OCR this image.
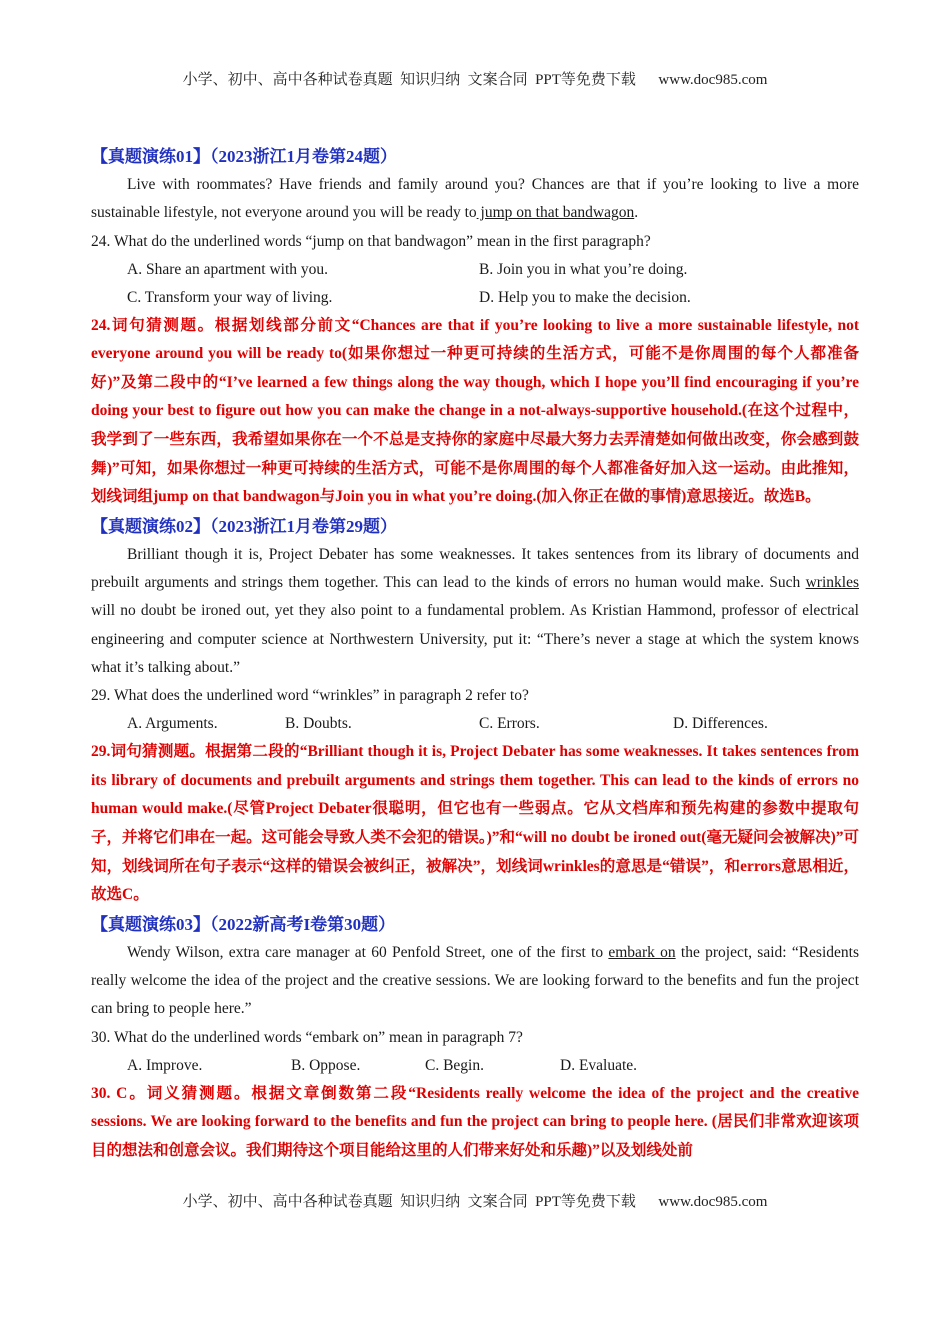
小学、初中、高中各种试卷真题  知识归纳  文案合同  PPT等免费下载      www.doc985.com
【真题演练01】（2023浙江1月卷第24题）

Live with roommates? Have friends and family around you? Chances are that if you’re looking to live a more sustainable lifestyle, not everyone around you will be ready to jump on that bandwagon.

24. What do the underlined words “jump on that bandwagon” mean in the first paragraph?

A. Share an apartment with you.	B. Join you in what you’re doing.
C. Transform your way of living.	D. Help you to make the decision.

24.词句猜测题。根据划线部分前文“Chances are that if you’re looking to live a more sustainable lifestyle, not everyone around you will be ready to(如果你想过一种更可持续的生活方式，可能不是你周围的每个人都准备好)”及第二段中的“I’ve learned a few things along the way though, which I hope you’ll find encouraging if you’re doing your best to figure out how you can make the change in a not-always-supportive household.(在这个过程中，我学到了一些东西，我希望如果你在一个不总是支持你的家庭中尽最大努力去弄清楚如何做出改变，你会感到鼓舞)”可知，如果你想过一种更可持续的生活方式，可能不是你周围的每个人都准备好加入这一运动。由此推知，划线词组jump on that bandwagon与Join you in what you’re doing.(加入你正在做的事情)意思接近。故选B。

【真题演练02】（2023浙江1月卷第29题）

Brilliant though it is, Project Debater has some weaknesses. It takes sentences from its library of documents and prebuilt arguments and strings them together. This can lead to the kinds of errors no human would make. Such wrinkles will no doubt be ironed out, yet they also point to a fundamental problem. As Kristian Hammond, professor of electrical engineering and computer science at Northwestern University, put it: “There’s never a stage at which the system knows what it’s talking about.”

29. What does the underlined word “wrinkles” in paragraph 2 refer to?

A. Arguments.	B. Doubts.	C. Errors.	D. Differences.

29.词句猜测题。根据第二段的“Brilliant though it is, Project Debater has some weaknesses. It takes sentences from its library of documents and prebuilt arguments and strings them together. This can lead to the kinds of errors no human would make.(尽管Project Debater很聪明，但它也有一些弱点。它从文档库和预先构建的参数中提取句子，并将它们串在一起。这可能会导致人类不会犯的错误。)”和“will no doubt be ironed out(毫无疑问会被解决)”可知，划线词所在句子表示“这样的错误会被纠正，被解决”，划线词wrinkles的意思是“错误”，和errors意思相近，故选C。

【真题演练03】（2022新高考I卷第30题）

Wendy Wilson, extra care manager at 60 Penfold Street, one of the first to embark on the project, said: “Residents really welcome the idea of the project and the creative sessions. We are looking forward to the benefits and fun the project can bring to people here.”

30. What do the underlined words “embark on” mean in paragraph 7?

A. Improve.	B. Oppose.	C. Begin.	D. Evaluate.

30. C。词义猜测题。根据文章倒数第二段“Residents really welcome the idea of the project and the creative sessions. We are looking forward to the benefits and fun the project can bring to people here. (居民们非常欢迎该项目的想法和创意会议。我们期待这个项目能给这里的人们带来好处和乐趣)”以及划线处前

小学、初中、高中各种试卷真题  知识归纳  文案合同  PPT等免费下载      www.doc985.com
